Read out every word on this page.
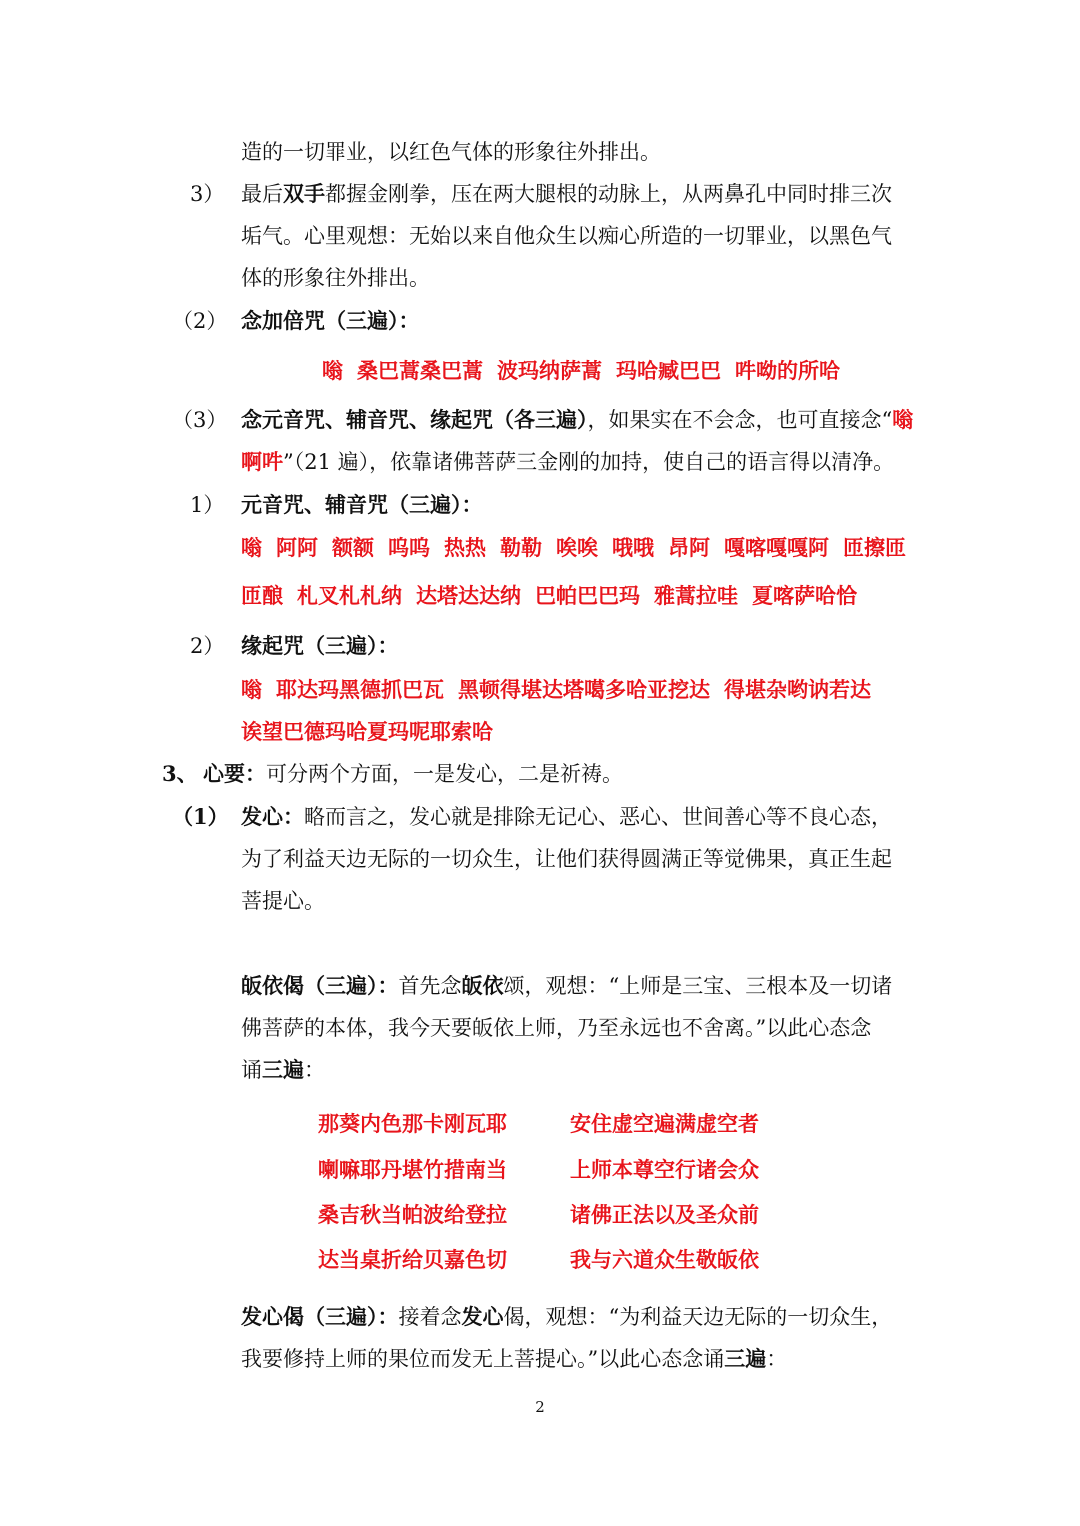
造的一切罪业，以红色气体的形象往外排出。
3） 最后双手都握金刚拳，压在两大腿根的动脉上，从两鼻孔中同时排三次
垢气。心里观想：无始以来自他众生以痴心所造的一切罪业，以黑色气
体的形象往外排出。
（2） 念加倍咒（三遍）：
嗡 桑巴蒿桑巴蒿 波玛纳萨蒿 玛哈臧巴巴 吽呦的所哈
（3） 念元音咒、辅音咒、缘起咒（各三遍），如果实在不会念，也可直接念“嗡
啊吽”（21 遍），依靠诸佛菩萨三金刚的加持，使自己的语言得以清净。
1） 元音咒、辅音咒（三遍）：
嗡 阿阿 额额 呜呜 热热 勒勒 唉唉 哦哦 昂阿 嘎喀嘎嘎阿 匝擦匝
匝酿 札叉札札纳 达塔达达纳 巴帕巴巴玛 雅蒿拉哇 夏喀萨哈恰
2） 缘起咒（三遍）：
嗡 耶达玛黑德抓巴瓦 黑顿得堪达塔噶多哈亚挖达 得堪杂哟讷若达
诶望巴德玛哈夏玛呢耶索哈
3、 心要：可分两个方面，一是发心，二是祈祷。
（1） 发心：略而言之，发心就是排除无记心、恶心、世间善心等不良心态，
为了利益天边无际的一切众生，让他们获得圆满正等觉佛果，真正生起
菩提心。
皈依偈（三遍）：首先念皈依颂，观想：“上师是三宝、三根本及一切诸
佛菩萨的本体，我今天要皈依上师，乃至永远也不舍离。”以此心态念
诵三遍：
那葵内色那卡刚瓦耶	安住虚空遍满虚空者
喇嘛耶丹堪竹措南当	上师本尊空行诸会众
桑吉秋当帕波给登拉	诸佛正法以及圣众前
达当桌折给贝嘉色切	我与六道众生敬皈依
发心偈（三遍）：接着念发心偈，观想：“为利益天边无际的一切众生，
我要修持上师的果位而发无上菩提心。”以此心态念诵三遍：
2
